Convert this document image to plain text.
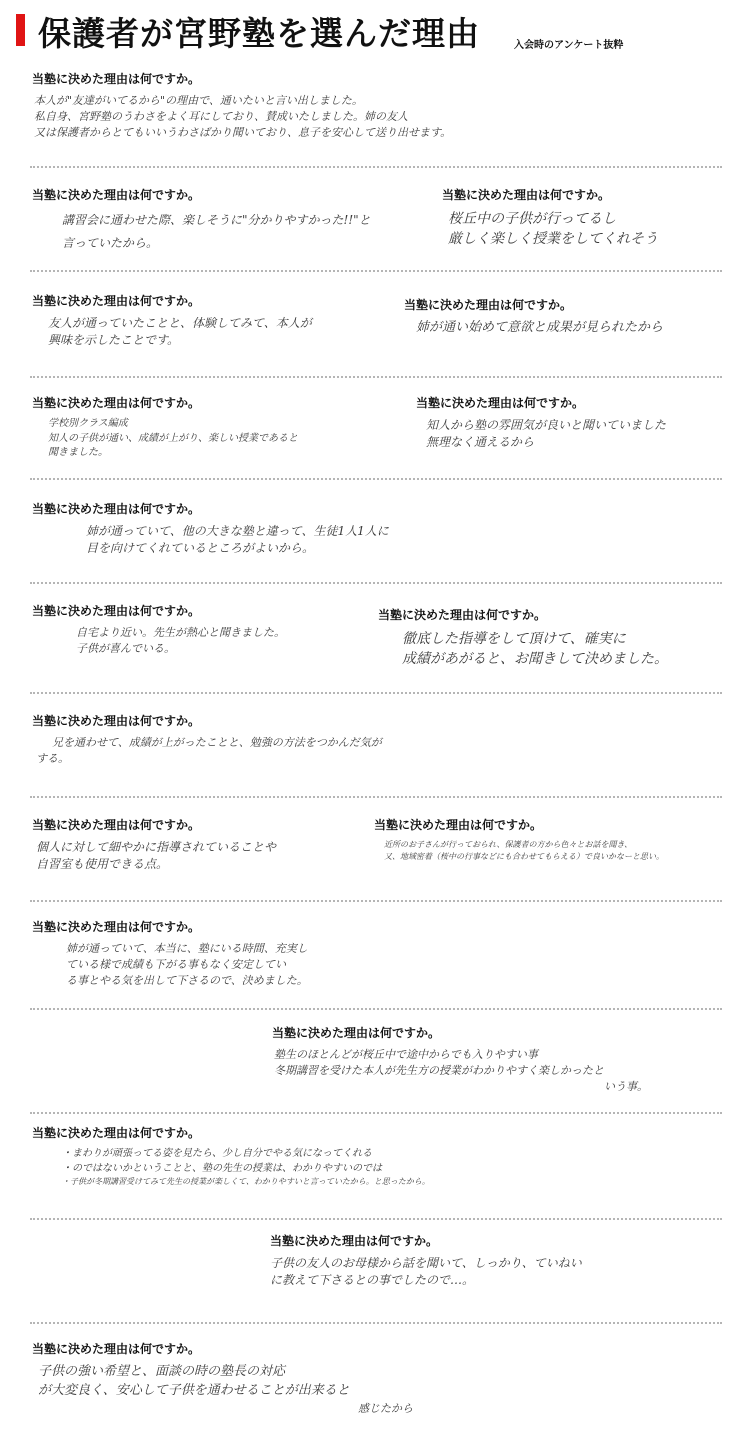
保護者が宮野塾を選んだ理由	入会時のアンケート抜粋
当塾に決めた理由は何ですか。
本人が"友達がいてるから"の理由で、通いたいと言い出しました。
私自身、宮野塾のうわさをよく耳にしており、賛成いたしました。姉の友人
又は保護者からとてもいいうわさばかり聞いており、息子を安心して送り出せます。
当塾に決めた理由は何ですか。
講習会に通わせた際、楽しそうに"分かりやすかった!!"と言っていたから。
当塾に決めた理由は何ですか。
桜丘中の子供が行ってるし
厳しく楽しく授業をしてくれそう
当塾に決めた理由は何ですか。
友人が通っていたことと、体験してみて、本人が
興味を示したことです。
当塾に決めた理由は何ですか。
姉が通い始めて意欲と成果が見られたから
当塾に決めた理由は何ですか。
学校別クラス編成
知人の子供が通い、成績が上がり、楽しい授業であると
聞きました。
当塾に決めた理由は何ですか。
知人から塾の雰囲気が良いと聞いていました
無理なく通えるから
当塾に決めた理由は何ですか。
姉が通っていて、他の大きな塾と違って、生徒1人1人に
目を向けてくれているところがよいから。
当塾に決めた理由は何ですか。
自宅より近い。先生が熱心と聞きました。
子供が喜んでいる。
当塾に決めた理由は何ですか。
徹底した指導をして頂けて、確実に
成績があがると、お聞きして決めました。
当塾に決めた理由は何ですか。
兄を通わせて、成績が上がったことと、勉強の方法をつかんだ気が
する。
当塾に決めた理由は何ですか。
個人に対して細やかに指導されていることや
自習室も使用できる点。
当塾に決めた理由は何ですか。
近所のお子さんが行っておられ、保護者の方から色々とお話を聞き、
又、地域密着（桜中の行事などにも合わせてもらえる）で良いかなーと思い。
当塾に決めた理由は何ですか。
姉が通っていて、本当に、塾にいる時間、充実し
ている様で成績も下がる事もなく安定してい
る事とやる気を出して下さるので、決めました。
当塾に決めた理由は何ですか。
塾生のほとんどが桜丘中で途中からでも入りやすい事
冬期講習を受けた本人が先生方の授業がわかりやすく楽しかったと
いう事。
当塾に決めた理由は何ですか。
・まわりが頑張ってる姿を見たら、少し自分でやる気になってくれる
・のではないかということと、塾の先生の授業は、わかりやすいのでは
・子供が冬期講習受けてみて先生の授業が楽しくて、わかりやすいと言っていたから。と思ったから。
当塾に決めた理由は何ですか。
子供の友人のお母様から話を聞いて、しっかり、ていねい
に教えて下さるとの事でしたので…。
当塾に決めた理由は何ですか。
子供の強い希望と、面談の時の塾長の対応
が大変良く、安心して子供を通わせることが出来ると
感じたから
